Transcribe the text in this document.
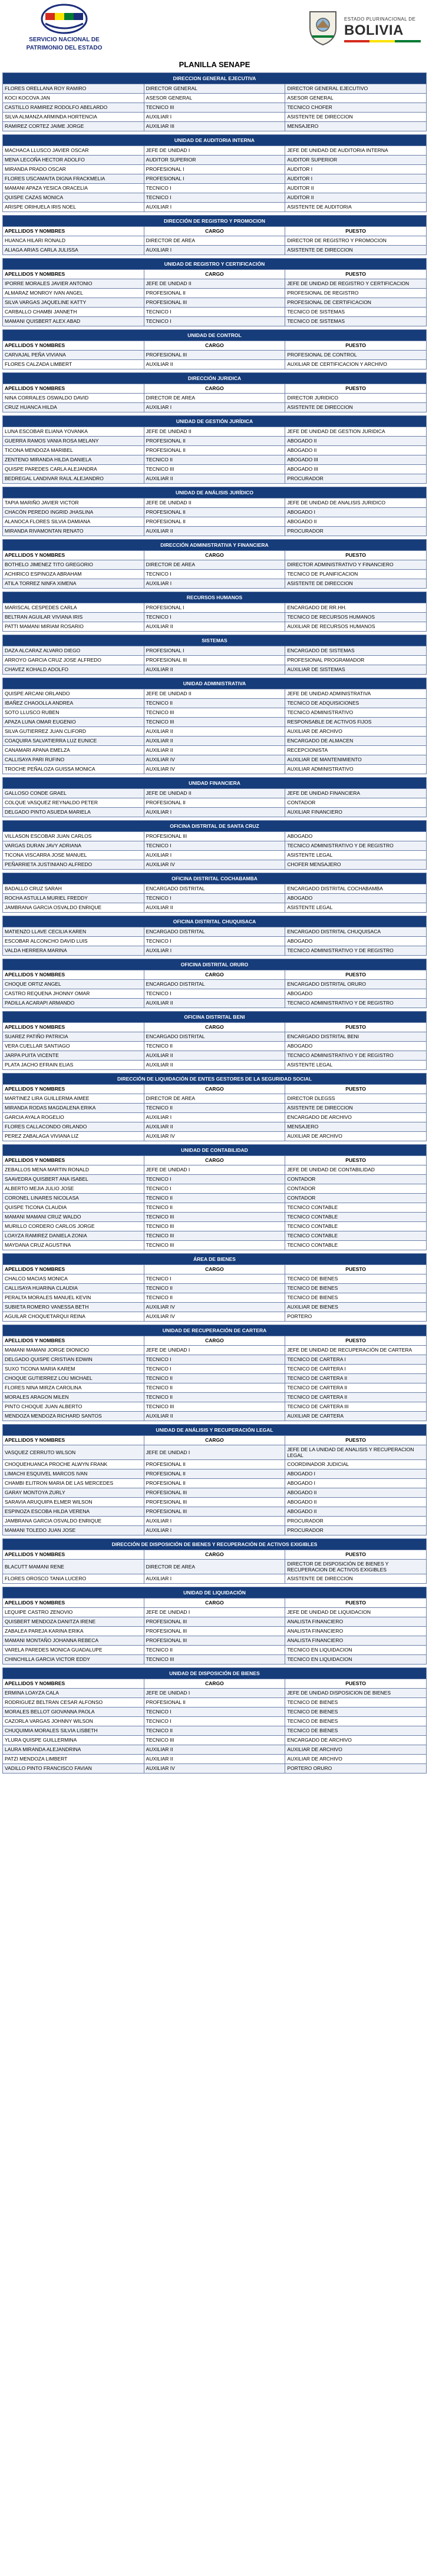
SERVICIO NACIONAL DE
PATRIMONIO DEL ESTADO
ESTADO PLURINACIONAL DE
BOLIVIA
PLANILLA SENAPE
DIRECCION GENERAL EJECUTIVA		
FLORES ORELLANA ROY RAMIRO	DIRECTOR GENERAL	DIRECTOR GENERAL EJECUTIVO
KOCI KOCOVA JAN	ASESOR GENERAL	ASESOR GENERAL
CASTILLO RAMIREZ RODOLFO ABELARDO	TECNICO III	TECNICO CHOFER
SILVA ALMANZA ARMINDA HORTENCIA	AUXILIAR I	ASISTENTE DE DIRECCION
RAMIREZ CORTEZ JAIME JORGE	AUXILIAR III	MENSAJERO

UNIDAD DE AUDITORIA INTERNA		
MACHACA LLUSCO JAVIER OSCAR	JEFE DE UNIDAD I	JEFE DE UNIDAD DE AUDITORIA INTERNA
MENA LECOÑA HECTOR ADOLFO	AUDITOR SUPERIOR	AUDITOR SUPERIOR
MIRANDA PRADO OSCAR	PROFESIONAL I	AUDITOR I
FLORES USCAMAITA DIGNA FRACKMELIA	PROFESIONAL I	AUDITOR I
MAMANI APAZA YESICA ORACELIA	TECNICO I	AUDITOR II
QUISPE CAZAS MONICA	TECNICO I	AUDITOR II
ARISPE ORIHUELA IRIS NOEL	AUXILIAR I	ASISTENTE DE AUDITORIA

DIRECCIÓN DE REGISTRO Y PROMOCION		
APELLIDOS Y NOMBRES	CARGO	PUESTO
HUANCA HILARI RONALD	DIRECTOR DE AREA	DIRECTOR DE REGISTRO Y PROMOCION
ALIAGA ARIAS CARLA JULISSA	AUXILIAR I	ASISTENTE DE DIRECCION

UNIDAD DE REGISTRO Y CERTIFICACIÓN		
APELLIDOS Y NOMBRES	CARGO	PUESTO
IPORRE MORALES JAVIER ANTONIO	JEFE DE UNIDAD II	JEFE DE UNIDAD DE REGISTRO Y CERTIFICACION
ALMARAZ MONROY IVAN ANGEL	PROFESIONAL II	PROFESIONAL DE REGISTRO
SILVA VARGAS JAQUELINE KATTY	PROFESIONAL III	PROFESIONAL DE CERTIFICACION
CARBALLO CHAMBI JANNETH	TECNICO I	TECNICO DE SISTEMAS
MAMANI QUISBERT ALEX ABAD	TECNICO I	TECNICO DE SISTEMAS

UNIDAD DE CONTROL		
APELLIDOS Y NOMBRES	CARGO	PUESTO
CARVAJAL PEÑA VIVIANA	PROFESIONAL III	PROFESIONAL DE CONTROL
FLORES CALZADA LIMBERT	AUXILIAR II	AUXILIAR DE CERTIFICACION Y ARCHIVO

DIRECCIÓN JURIDICA		
APELLIDOS Y NOMBRES	CARGO	PUESTO
NINA CORRALES OSWALDO DAVID	DIRECTOR DE AREA	DIRECTOR JURIDICO
CRUZ HUANCA HILDA	AUXILIAR I	ASISTENTE DE DIRECCION

UNIDAD DE GESTIÓN JURÍDICA		
LUNA ESCOBAR ELIANA YOVANKA	JEFE DE UNIDAD II	JEFE DE UNIDAD DE GESTION JURIDICA
GUERRA RAMOS VANIA ROSA MELANY	PROFESIONAL II	ABOGADO II
TICONA MENDOZA MARIBEL	PROFESIONAL II	ABOGADO II
ZENTENO MIRANDA HILDA DANIELA	TECNICO II	ABOGADO III
QUISPE PAREDES CARLA ALEJANDRA	TECNICO III	ABOGADO III
BEDREGAL LANDIVAR RAUL ALEJANDRO	AUXILIAR II	PROCURADOR

UNIDAD DE ANÁLISIS JURÍDICO		
TAPIA MARIÑO JAVIER VICTOR	JEFE DE UNIDAD II	JEFE DE UNIDAD DE ANALISIS JURIDICO
CHACÓN PEREDO INGRID JHASLINA	PROFESIONAL II	ABOGADO I
ALANOCA FLORES SILVIA DAMIANA	PROFESIONAL II	ABOGADO II
MIRANDA RIVAMONTAN RENATO	AUXILIAR II	PROCURADOR

DIRECCIÓN ADMINISTRATIVA Y FINANCIERA		
APELLIDOS Y NOMBRES	CARGO	PUESTO
BOTHELO JIMENEZ TITO GREGORIO	DIRECTOR DE AREA	DIRECTOR ADMINISTRATIVO Y FINANCIERO
ACHIRICO ESPINOZA ABRAHAM	TECNICO I	TECNICO DE PLANIFICACION
ATILA TORREZ NINFA XIMENA	AUXILIAR I	ASISTENTE DE DIRECCION

RECURSOS HUMANOS		
MARISCAL CESPEDES CARLA	PROFESIONAL I	ENCARGADO DE RR.HH.
BELTRAN AGUILAR VIVIANA IRIS	TECNICO I	TECNICO DE RECURSOS HUMANOS
PATTI MAMANI MIRIAM ROSARIO	AUXILIAR II	AUXILIAR DE RECURSOS HUMANOS

SISTEMAS		
DAZA ALCARAZ ALVARO DIEGO	PROFESIONAL I	ENCARGADO DE SISTEMAS
ARROYO GARCIA CRUZ JOSE ALFREDO	PROFESIONAL III	PROFESIONAL PROGRAMADOR
CHAVEZ KOHALD ADOLFO	AUXILIAR II	AUXILIAR DE SISTEMAS

UNIDAD ADMINISTRATIVA		
QUISPE ARCANI ORLANDO	JEFE DE UNIDAD II	JEFE DE UNIDAD ADMINISTRATIVA
IBAÑEZ CHAOOLLA ANDREA	TECNICO II	TECNICO DE ADQUISICIONES
SOTO LLUSCO RUBEN	TECNICO III	TECNICO ADMINISTRATIVO
APAZA LUNA OMAR EUGENIO	TECNICO III	RESPONSABLE DE ACTIVOS FIJOS
SILVA GUTIERREZ JUAN CLIFORD	AUXILIAR II	AUXILIAR DE ARCHIVO
COAQUIRA SALVATIERRA LUZ EUNICE	AUXILIAR II	ENCARGADO DE ALMACEN
CANAMARI APANA EMELZA	AUXILIAR II	RECEPCIONISTA
CALLISAYA PARI RUFINO	AUXILIAR IV	AUXILIAR DE MANTENIMIENTO
TROCHE PEÑALOZA GUISSA MONICA	AUXILIAR IV	AUXILIAR ADMINISTRATIVO

UNIDAD FINANCIERA		
GALLOSO CONDE GRAEL	JEFE DE UNIDAD II	JEFE DE UNIDAD FINANCIERA
COLQUE VASQUEZ REYNALDO PETER	PROFESIONAL II	CONTADOR
DELGADO PINTO ASUEDA MARIELA	AUXILIAR I	AUXILIAR FINANCIERO

OFICINA DISTRITAL DE SANTA CRUZ		
VILLASON ESCOBAR JUAN CARLOS	PROFESIONAL III	ABOGADO
VARGAS DURAN JAVY ADRIANA	TECNICO I	TECNICO ADMINISTRATIVO Y DE REGISTRO
TICONA VISCARRA JOSE MANUEL	AUXILIAR I	ASISTENTE LEGAL
PEÑARRIETA JUSTINIANO ALFREDO	AUXILIAR IV	CHOFER MENSAJERO

OFICINA DISTRITAL COCHABAMBA		
BADALLO CRUZ SARAH	ENCARGADO DISTRITAL	ENCARGADO DISTRITAL COCHABAMBA
ROCHA ASTULLA MURIEL FREDDY	TECNICO I	ABOGADO
JAMBRANA GARCIA OSVALDO ENRIQUE	AUXILIAR II	ASISTENTE LEGAL

OFICINA DISTRITAL CHUQUISACA		
MATIENZO LLAVE CECILIA KAREN	ENCARGADO DISTRITAL	ENCARGADO DISTRITAL CHUQUISACA
ESCOBAR ALCONCHO DAVID LUIS	TECNICO I	ABOGADO
VALDA HERRERA MARINA	AUXILIAR I	TECNICO ADMINISTRATIVO Y DE REGISTRO

OFICINA DISTRITAL ORURO		
APELLIDOS Y NOMBRES	CARGO	PUESTO
CHOQUE ORTIZ ANGEL	ENCARGADO DISTRITAL	ENCARGADO DISTRITAL ORURO
CASTRO REQUENA JHONNY OMAR	TECNICO I	ABOGADO
PADILLA ACARAPI ARMANDO	AUXILIAR II	TECNICO ADMINISTRATIVO Y DE REGISTRO

OFICINA DISTRITAL BENI		
APELLIDOS Y NOMBRES	CARGO	PUESTO
SUAREZ PATIÑO PATRICIA	ENCARGADO DISTRITAL	ENCARGADO DISTRITAL BENI
VERA CUELLAR SANTIAGO	TECNICO II	ABOGADO
JARPA PUITA VICENTE	AUXILIAR II	TECNICO ADMINISTRATIVO Y DE REGISTRO
PLATA JACHO EFRAIN ELIAS	AUXILIAR II	ASISTENTE LEGAL

DIRECCIÓN DE LIQUIDACIÓN DE ENTES GESTORES DE LA SEGURIDAD SOCIAL		
APELLIDOS Y NOMBRES	CARGO	PUESTO
MARTINEZ LIRA GUILLERMA AIMEE	DIRECTOR DE AREA	DIRECTOR DLEGSS
MIRANDA RODAS MAGDALENA ERIKA	TECNICO II	ASISTENTE DE DIRECCION
GARCIA AYALA ROGELIO	AUXILIAR I	ENCARGADO DE ARCHIVO
FLORES CALLACONDO ORLANDO	AUXILIAR II	MENSAJERO
PEREZ ZABALAGA VIVIANA LIZ	AUXILIAR IV	AUXILIAR DE ARCHIVO

UNIDAD DE CONTABILIDAD		
APELLIDOS Y NOMBRES	CARGO	PUESTO
ZEBALLOS MENA MARTIN RONALD	JEFE DE UNIDAD I	JEFE DE UNIDAD DE CONTABILIDAD
SAAVEDRA QUISBERT ANA ISABEL	TECNICO I	CONTADOR
ALBERTO MEJIA JULIO JOSE	TECNICO I	CONTADOR
CORONEL LINARES NICOLASA	TECNICO II	CONTADOR
QUISPE TICONA CLAUDIA	TECNICO II	TECNICO CONTABLE
MAMANI MAMANI CRUZ WALDO	TECNICO III	TECNICO CONTABLE
MURILLO CORDERO CARLOS JORGE	TECNICO III	TECNICO CONTABLE
LOAYZA RAMIREZ DANIELA ZONIA	TECNICO III	TECNICO CONTABLE
MAYDANA CRUZ AGUSTINA	TECNICO III	TECNICO CONTABLE

ÁREA DE BIENES		
APELLIDOS Y NOMBRES	CARGO	PUESTO
CHALCO MACIAS MONICA	TECNICO I	TECNICO DE BIENES
CALLISAYA HUARINA CLAUDIA	TECNICO II	TECNICO DE BIENES
PERALTA MORALES MANUEL KEVIN	TECNICO II	TECNICO DE BIENES
SUBIETA ROMERO VANESSA BETH	AUXILIAR IV	AUXILIAR DE BIENES
AGUILAR CHOQUETARQUI REINA	AUXILIAR IV	PORTERO

UNIDAD DE RECUPERACIÓN DE CARTERA		
APELLIDOS Y NOMBRES	CARGO	PUESTO
MAMANI MAMANI JORGE DIONICIO	JEFE DE UNIDAD I	JEFE DE UNIDAD DE RECUPERACIÓN DE CARTERA
DELGADO QUISPE CRISTIAN EDWIN	TECNICO I	TECNICO DE CARTERA I
SUXO TICONA MARIA KAREM	TECNICO I	TECNICO DE CARTERA I
CHOQUE GUTIERREZ LOU MICHAEL	TECNICO II	TECNICO DE CARTERA II
FLORES NINA MIRZA CAROLINA	TECNICO II	TECNICO DE CARTERA II
MORALES ARAGON MILEN	TECNICO II	TECNICO DE CARTERA II
PINTO CHOQUE JUAN ALBERTO	TECNICO III	TECNICO DE CARTERA III
MENDOZA MENDOZA RICHARD SANTOS	AUXILIAR II	AUXILIAR DE CARTERA

UNIDAD DE ANÁLISIS Y RECUPERACIÓN LEGAL		
APELLIDOS Y NOMBRES	CARGO	PUESTO
VASQUEZ CERRUTO WILSON	JEFE DE UNIDAD I	JEFE DE LA UNIDAD DE ANALISIS Y RECUPERACION LEGAL
CHOQUEHUANCA PROCHE ALWYN FRANK	PROFESIONAL II	COORDINADOR JUDICIAL
LIMACHI ESQUIVEL MARCOS IVAN	PROFESIONAL II	ABOGADO I
CHAMBI ELITRON MARIA DE LAS MERCEDES	PROFESIONAL II	ABOGADO I
GARAY MONTOYA ZURLY	PROFESIONAL III	ABOGADO II
SARAVIA ARUQUIPA ELMER WILSON	PROFESIONAL III	ABOGADO II
ESPINOZA ESCOBA HILDA VERENA	PROFESIONAL III	ABOGADO II
JAMBRANA GARCIA OSVALDO ENRIQUE	AUXILIAR I	PROCURADOR
MAMANI TOLEDO JUAN JOSE	AUXILIAR I	PROCURADOR

DIRECCIÓN DE DISPOSICIÓN DE BIENES Y RECUPERACIÓN DE ACTIVOS EXIGIBLES		
APELLIDOS Y NOMBRES	CARGO	PUESTO
BLACUTT MAMANI RENE	DIRECTOR DE AREA	DIRECTOR DE DISPOSICIÓN DE BIENES Y RECUPERACION DE ACTIVOS EXIGIBLES
FLORES OROSCO TANIA LUCERO	AUXILIAR I	ASISTENTE DE DIRECCION

UNIDAD DE LIQUIDACIÓN		
APELLIDOS Y NOMBRES	CARGO	PUESTO
LEQUIPE CASTRO ZENOVIO	JEFE DE UNIDAD I	JEFE DE UNIDAD DE LIQUIDACION
QUISBERT MENDOZA DANITZA IRENE	PROFESIONAL III	ANALISTA FINANCIERO
ZABALEA PAREJA KARINA ERIKA	PROFESIONAL III	ANALISTA FINANCIERO
MAMANI MONTAÑO JOHANNA REBECA	PROFESIONAL III	ANALISTA FINANCIERO
VARELA PAREDES MONICA GUADALUPE	TECNICO II	TECNICO EN LIQUIDACION
CHINCHILLA GARCIA VICTOR EDDY	TECNICO III	TECNICO EN LIQUIDACION

UNIDAD DE DISPOSICIÓN DE BIENES		
APELLIDOS Y NOMBRES	CARGO	PUESTO
ERMINA LOAYZA CALA	JEFE DE UNIDAD I	JEFE DE UNIDAD DISPOSICION DE BIENES
RODRIGUEZ BELTRAN CESAR ALFONSO	PROFESIONAL II	TECNICO DE BIENES
MORALES BELLOT GIOVANNA PAOLA	TECNICO I	TECNICO DE BIENES
CAZORLA VARGAS JOHNNY WILSON	TECNICO I	TECNICO DE BIENES
CHUQUIMIA MORALES SILVIA LISBETH	TECNICO II	TECNICO DE BIENES
YLURA QUISPE GUILLERMINA	TECNICO III	ENCARGADO DE ARCHIVO
LAURA MIRANDA ALEJANDRINA	AUXILIAR II	AUXILIAR DE ARCHIVO
PATZI MENDOZA LIMBERT	AUXILIAR II	AUXILIAR DE ARCHIVO
VADILLO PINTO FRANCISCO FAVIAN	AUXILIAR IV	PORTERO ORURO
